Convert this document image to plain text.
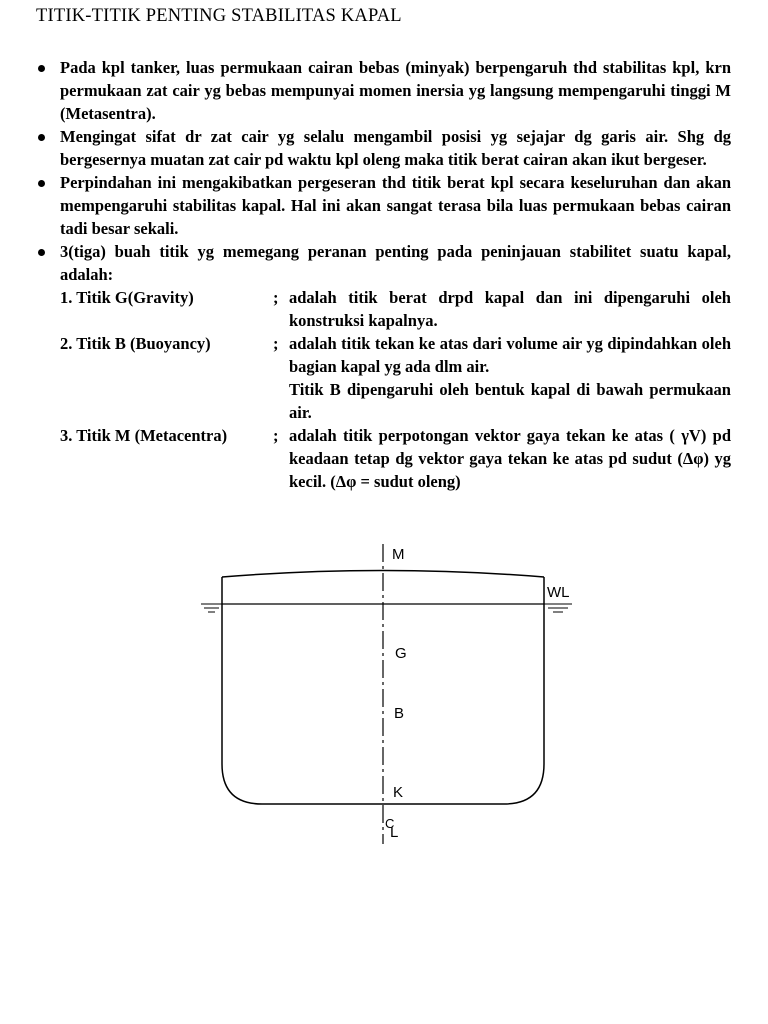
TITIK-TITIK PENTING STABILITAS KAPAL
Pada kpl tanker, luas permukaan cairan bebas (minyak) berpengaruh thd stabilitas kpl, krn permukaan zat cair yg bebas mempunyai momen inersia yg langsung mempengaruhi tinggi M (Metasentra).
Mengingat sifat dr zat cair yg selalu mengambil posisi yg sejajar dg garis air. Shg dg bergesernya muatan zat cair pd waktu kpl oleng maka titik berat cairan akan ikut bergeser.
Perpindahan ini mengakibatkan pergeseran thd titik berat kpl secara keseluruhan dan akan mempengaruhi stabilitas kapal. Hal ini akan sangat terasa bila luas permukaan bebas cairan tadi besar sekali.
3(tiga) buah titik yg memegang peranan penting pada peninjauan stabilitet suatu kapal, adalah:
1. Titik G(Gravity)	; adalah titik berat drpd kapal dan ini dipengaruhi oleh konstruksi kapalnya.

2. Titik B (Buoyancy)	; adalah titik tekan ke atas dari volume air yg dipindahkan oleh bagian kapal yg ada dlm air.

Titik B dipengaruhi oleh bentuk kapal di bawah permukaan air.

3. Titik M (Metacentra)	; adalah titik perpotongan vektor gaya tekan ke atas ( γV) pd keadaan tetap dg vektor gaya tekan ke atas pd sudut (Δφ) yg kecil. (Δφ = sudut oleng)

M
WL
G
B
K
C
L
